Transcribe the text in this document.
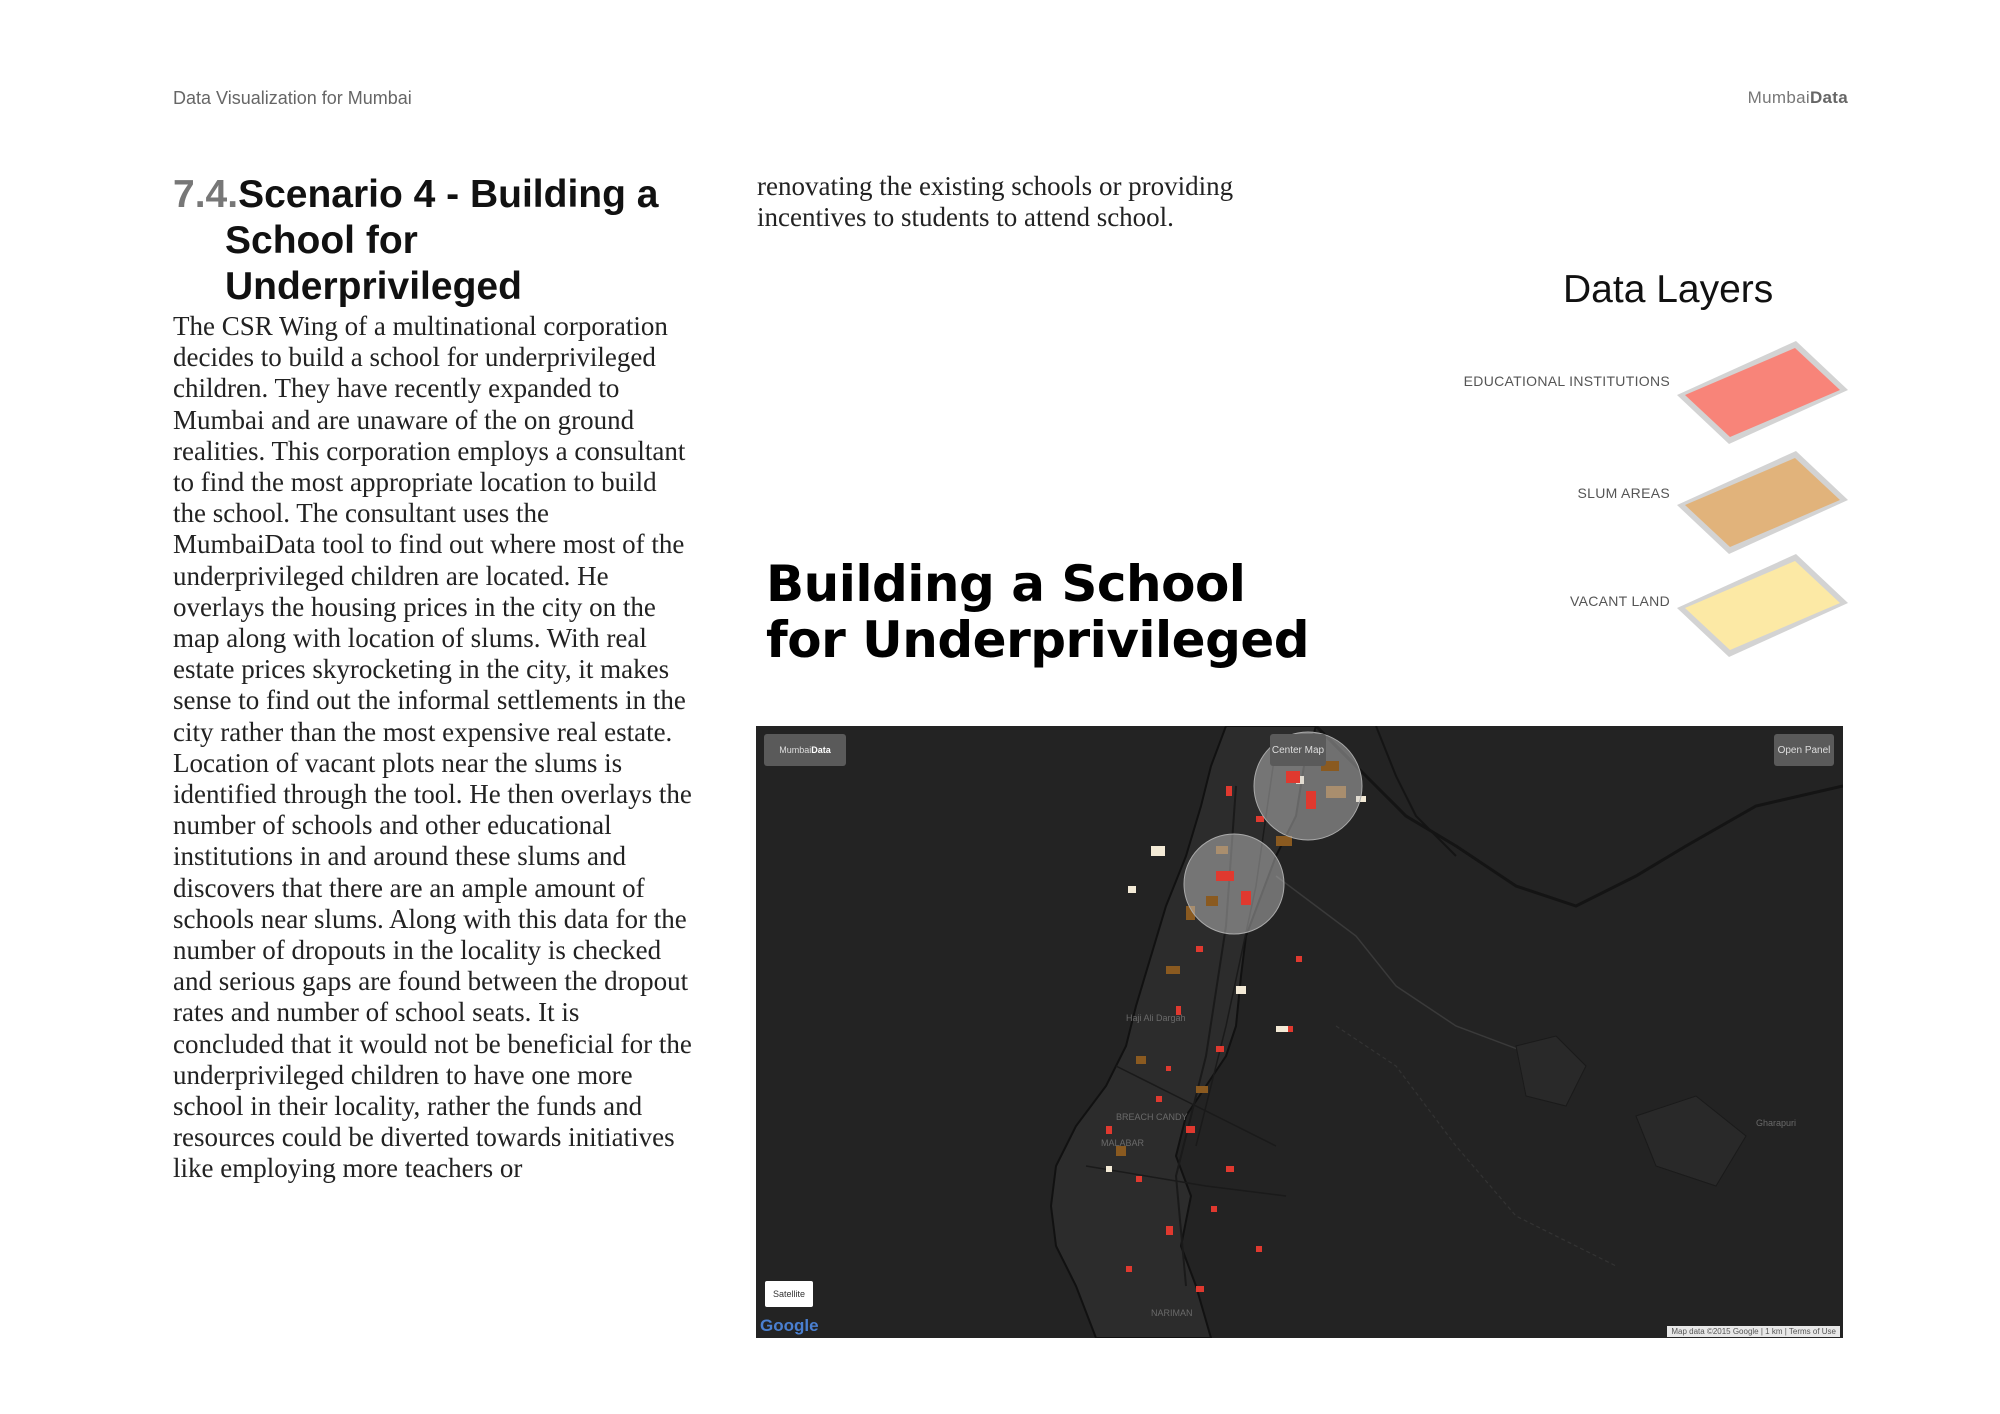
Data Visualization for Mumbai	MumbaiData
7.4.Scenario 4 - Building a
School for
Underprivileged
The CSR Wing of a multinational corporation decides to build a school for underprivileged children. They have recently expanded to Mumbai and are unaware of the on ground realities. This corporation employs a consultant to find the most appropriate location to build the school. The consultant uses the MumbaiData tool to find out where most of the underprivileged children are located. He overlays the housing prices in the city on the map along with location of slums. With real estate prices skyrocketing in the city, it makes sense to find out the informal settlements in the city rather than the most expensive real estate. Location of vacant plots near the slums is identified through the tool. He then overlays the number of schools and other educational institutions in and around these slums and discovers that there are an ample amount of schools near slums. Along with this data for the number of dropouts in the locality is checked and serious gaps are found between the dropout rates and number of school seats. It is concluded that it would not be beneficial for the underprivileged children to have one more school in their locality, rather the funds and resources could be diverted towards initiatives like employing more teachers or
renovating the existing schools or providing incentives to students to attend school.
Building a School
for Underprivileged
Data Layers
EDUCATIONAL INSTITUTIONS
SLUM AREAS
VACANT LAND
Mumbai Data	Center Map	Open Panel
Haji Ali Dargah
BREACH CANDY
MALABAR
NARIMAN
Gharapuri
Satellite
Google	Map data ©2015 Google | 1 km | Terms of Use
